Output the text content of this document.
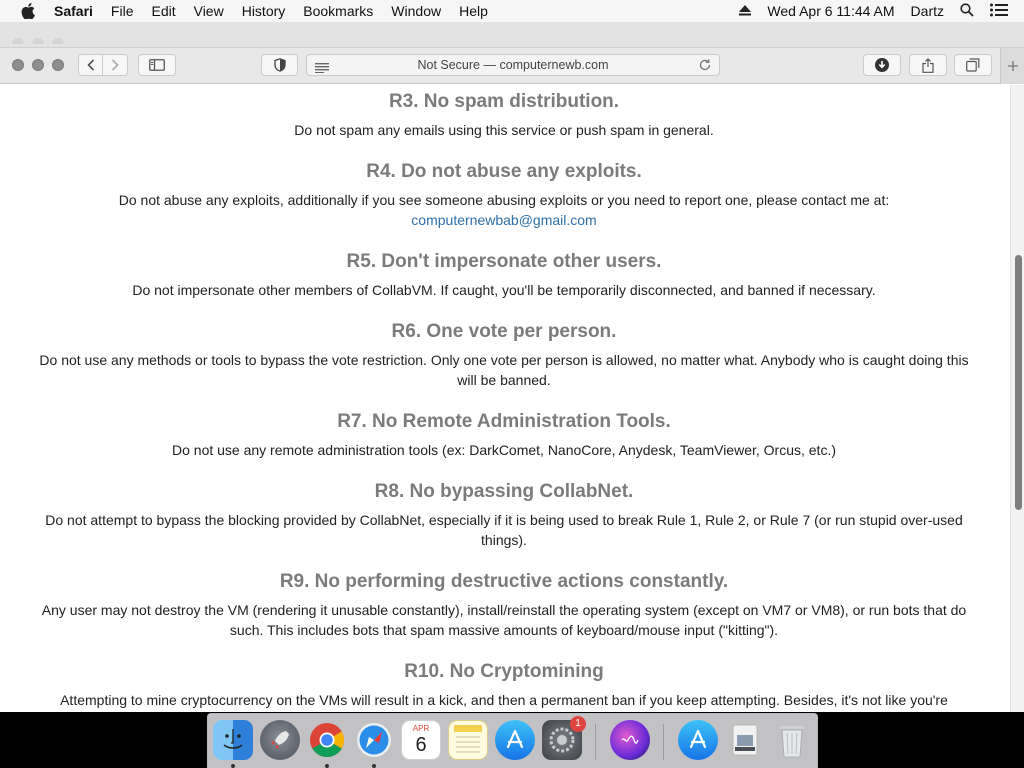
Safari File Edit View History Bookmarks Window Help	Wed Apr 6 11:44 AM Dartz
Not Secure — computernewb.com
R3. No spam distribution.

Do not spam any emails using this service or push spam in general.

R4. Do not abuse any exploits.

Do not abuse any exploits, additionally if you see someone abusing exploits or you need to report one, please contact me at:

computernewbab@gmail.com
R5. Don't impersonate other users.

Do not impersonate other members of CollabVM. If caught, you'll be temporarily disconnected, and banned if necessary.

R6. One vote per person.

Do not use any methods or tools to bypass the vote restriction. Only one vote per person is allowed, no matter what. Anybody who is caught doing this will be banned.

R7. No Remote Administration Tools.

Do not use any remote administration tools (ex: DarkComet, NanoCore, Anydesk, TeamViewer, Orcus, etc.)

R8. No bypassing CollabNet.

Do not attempt to bypass the blocking provided by CollabNet, especially if it is being used to break Rule 1, Rule 2, or Rule 7 (or run stupid over-used things).

R9. No performing destructive actions constantly.

Any user may not destroy the VM (rendering it unusable constantly), install/reinstall the operating system (except on VM7 or VM8), or run bots that do such. This includes bots that spam massive amounts of keyboard/mouse input ("kitting").

R10. No Cryptomining

Attempting to mine cryptocurrency on the VMs will result in a kick, and then a permanent ban if you keep attempting. Besides, it's not like you're

APR
6
1
